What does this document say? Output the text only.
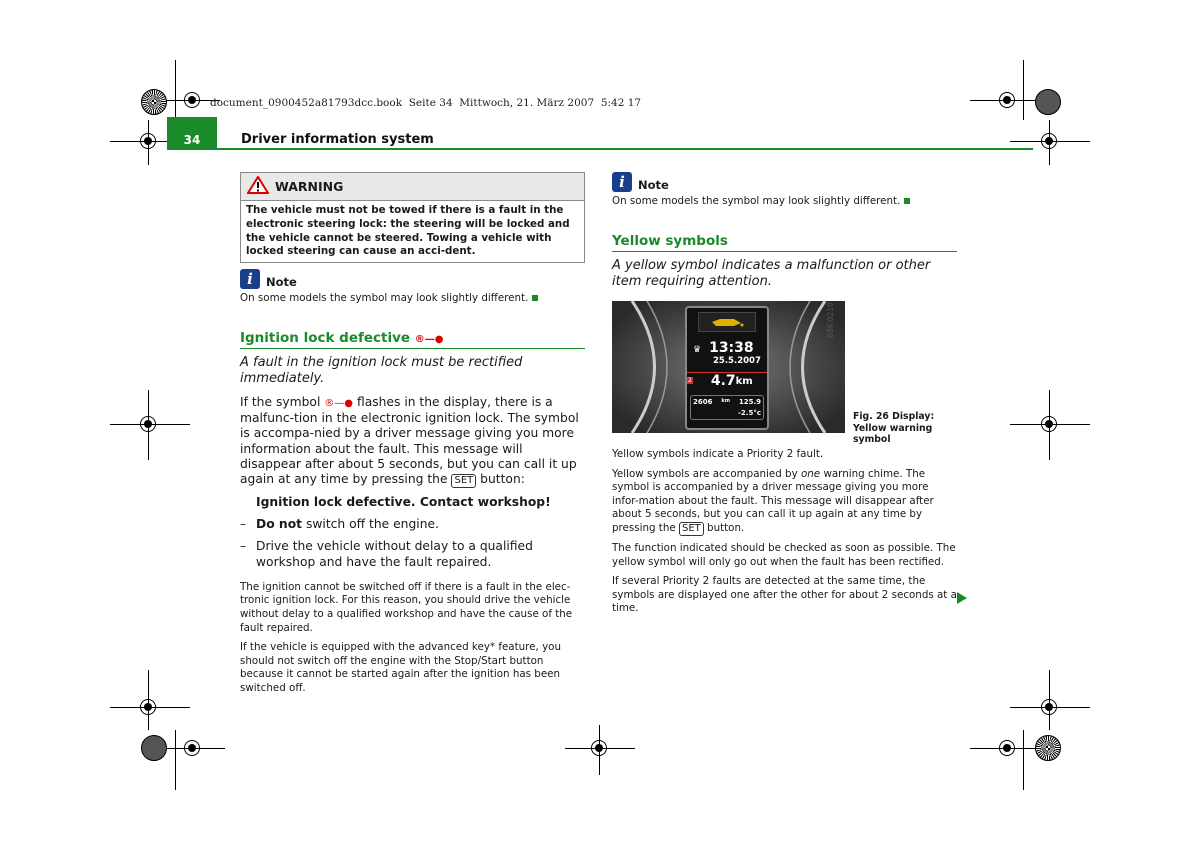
document_0900452a81793dcc.book  Seite 34  Mittwoch, 21. März 2007  5:42 17
34	Driver information system
WARNING
The vehicle must not be towed if there is a fault in the electronic steering lock: the steering will be locked and the vehicle cannot be steered. Towing a vehicle with locked steering can cause an acci-dent.
i	Note
On some models the symbol may look slightly different.
Ignition lock defective ®—●
A fault in the ignition lock must be rectified immediately.
If the symbol ®—● flashes in the display, there is a malfunc-tion in the electronic ignition lock. The symbol is accompa-nied by a driver message giving you more information about the fault. This message will disappear after about 5 seconds, but you can call it up again at any time by pressing the SET button:
Ignition lock defective. Contact workshop!
– Do not switch off the engine.
– Drive the vehicle without delay to a qualified workshop and have the fault repaired.
The ignition cannot be switched off if there is a fault in the elec-tronic ignition lock. For this reason, you should drive the vehicle without delay to a qualified workshop and have the cause of the fault repaired.
If the vehicle is equipped with the advanced key* feature, you should not switch off the engine with the Stop/Start button because it cannot be started again after the ignition has been switched off.
i	Note
On some models the symbol may look slightly different.
Yellow symbols
A yellow symbol indicates a malfunction or other item requiring attention.
♛ 13:38
25.5.2007
2 4.7 km
2606 km 125.9
-2.5°c
B8K-0210
Fig. 26 Display: Yellow warning symbol
Yellow symbols indicate a Priority 2 fault.
Yellow symbols are accompanied by one warning chime. The symbol is accompanied by a driver message giving you more infor-mation about the fault. This message will disappear after about 5 seconds, but you can call it up again at any time by pressing the SET button.
The function indicated should be checked as soon as possible. The yellow symbol will only go out when the fault has been rectified.
If several Priority 2 faults are detected at the same time, the symbols are displayed one after the other for about 2 seconds at a time.
